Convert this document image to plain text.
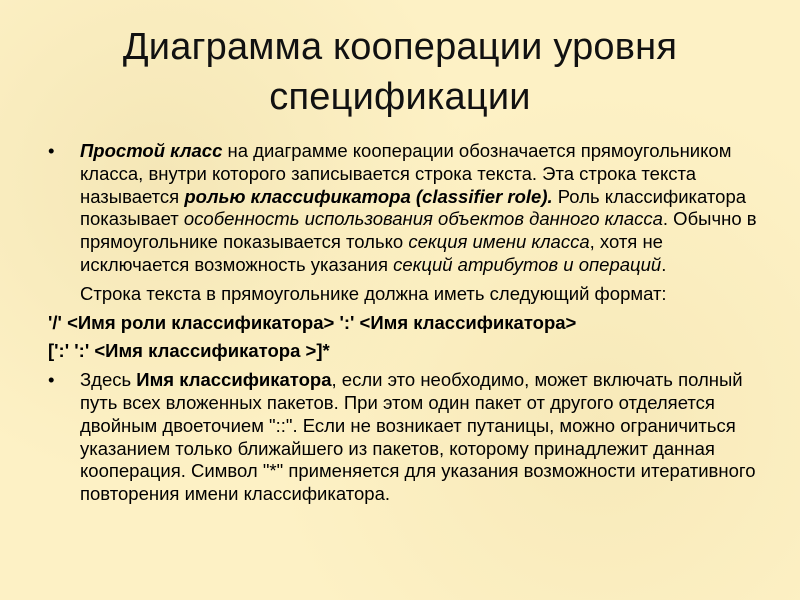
Диаграмма кооперации уровня
спецификации
• Простой класс на диаграмме кооперации обозначается прямоугольником класса, внутри которого записывается строка текста. Эта строка текста называется ролью классификатора (classifier role). Роль классификатора показывает особенность использования объектов данного класса. Обычно в прямоугольнике показывается только секция имени класса, хотя не исключается возможность указания секций атрибутов и операций.
Строка текста в прямоугольнике должна иметь следующий формат:
'/' <Имя роли классификатора> ':' <Имя классификатора>
[':' ':' <Имя классификатора >]*
• Здесь Имя классификатора, если это необходимо, может включать полный путь всех вложенных пакетов. При этом один пакет от другого отделяется двойным двоеточием "::". Если не возникает путаницы, можно ограничиться указанием только ближайшего из пакетов, которому принадлежит данная кооперация. Символ "*" применяется для указания возможности итеративного повторения имени классификатора.
